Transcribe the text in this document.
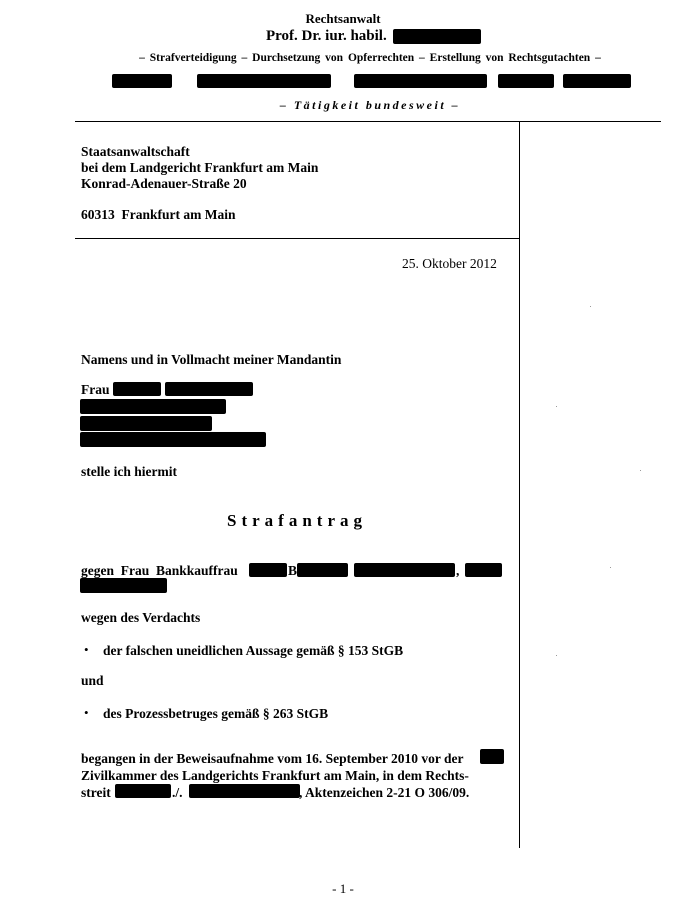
Rechtsanwalt
Prof. Dr. iur. habil.
– Strafverteidigung – Durchsetzung von Opferrechten – Erstellung von Rechtsgutachten –
– Tätigkeit bundesweit –
Staatsanwaltschaft
bei dem Landgericht Frankfurt am Main
Konrad-Adenauer-Straße 20
60313  Frankfurt am Main
25. Oktober 2012
Namens und in Vollmacht meiner Mandantin
Frau
stelle ich hiermit
Strafantrag
gegen  Frau  Bankkauffrau	B	,
wegen des Verdachts
• der falschen uneidlichen Aussage gemäß § 153 StGB
und
• des Prozessbetruges gemäß § 263 StGB
begangen in der Beweisaufnahme vom 16. September 2010 vor der
Zivilkammer des Landgerichts Frankfurt am Main, in dem Rechts-
streit	./.	, Aktenzeichen 2-21 O 306/09.
- 1 -
